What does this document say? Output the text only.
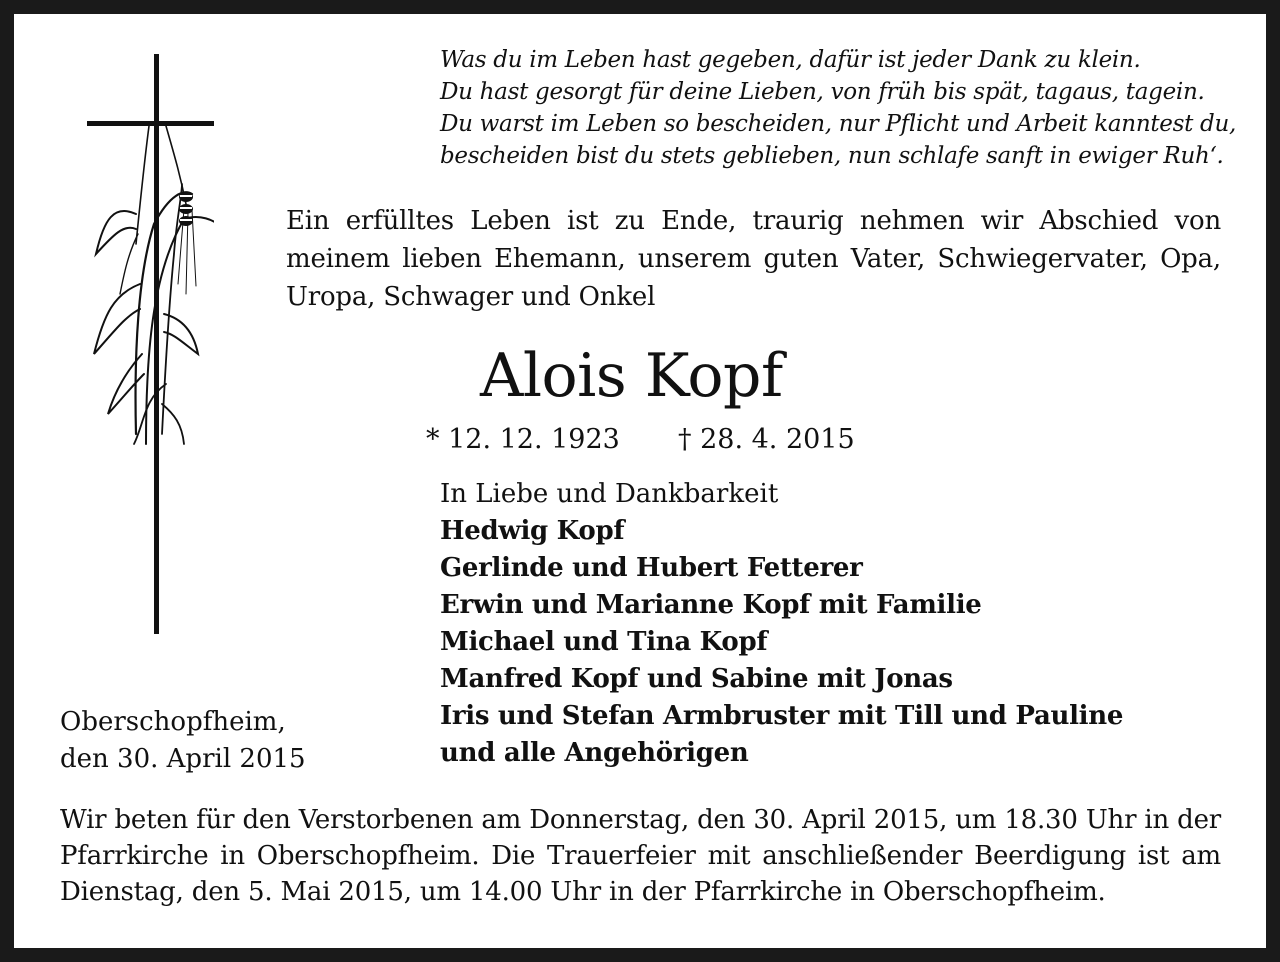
Was du im Leben hast gegeben, dafür ist jeder Dank zu klein.
Du hast gesorgt für deine Lieben, von früh bis spät, tagaus, tagein.
Du warst im Leben so bescheiden, nur Pflicht und Arbeit kanntest du,
bescheiden bist du stets geblieben, nun schlafe sanft in ewiger Ruh‘.
Ein erfülltes Leben ist zu Ende, traurig nehmen wir Abschied von meinem lieben Ehemann, unserem guten Vater, Schwiegervater, Opa, Uropa, Schwager und Onkel
Alois Kopf
* 12. 12. 1923 † 28. 4. 2015
In Liebe und Dankbarkeit
Hedwig Kopf
Gerlinde und Hubert Fetterer
Erwin und Marianne Kopf mit Familie
Michael und Tina Kopf
Manfred Kopf und Sabine mit Jonas
Iris und Stefan Armbruster mit Till und Pauline
und alle Angehörigen
Oberschopfheim,
den 30. April 2015
Wir beten für den Verstorbenen am Donnerstag, den 30. April 2015, um 18.30 Uhr in der Pfarrkirche in Oberschopfheim. Die Trauerfeier mit anschließender Beerdigung ist am Dienstag, den 5. Mai 2015, um 14.00 Uhr in der Pfarrkirche in Oberschopfheim.
